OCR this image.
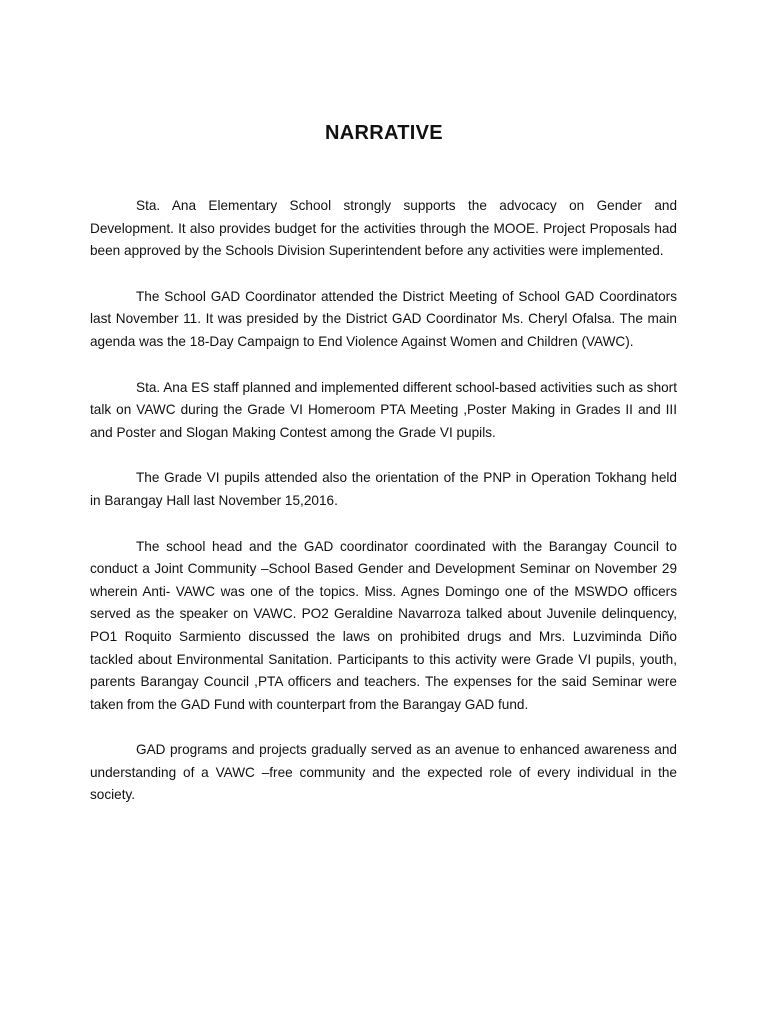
NARRATIVE

Sta. Ana Elementary School strongly supports the advocacy on Gender and Development. It also provides budget for the activities through the MOOE. Project Proposals had been approved by the Schools Division Superintendent before any activities were implemented.

The School GAD Coordinator attended the District Meeting of School GAD Coordinators last November 11. It was presided by the District GAD Coordinator Ms. Cheryl Ofalsa. The main agenda was the 18-Day Campaign to End Violence Against Women and Children (VAWC).

Sta. Ana ES staff planned and implemented different school-based activities such as short talk on VAWC during the Grade VI Homeroom PTA Meeting ,Poster Making in Grades II and III and Poster and Slogan Making Contest among the Grade VI pupils.

The Grade VI pupils attended also the orientation of the PNP in Operation Tokhang held in Barangay Hall last November 15,2016.

The school head and the GAD coordinator coordinated with the Barangay Council to conduct a Joint Community –School Based Gender and Development Seminar on November 29 wherein Anti- VAWC was one of the topics. Miss. Agnes Domingo one of the MSWDO officers served as the speaker on VAWC. PO2 Geraldine Navarroza talked about Juvenile delinquency, PO1 Roquito Sarmiento discussed the laws on prohibited drugs and Mrs. Luzviminda Diño tackled about Environmental Sanitation. Participants to this activity were Grade VI pupils, youth, parents Barangay Council ,PTA officers and teachers. The expenses for the said Seminar were taken from the GAD Fund with counterpart from the Barangay GAD fund.

GAD programs and projects gradually served as an avenue to enhanced awareness and understanding of a VAWC –free community and the expected role of every individual in the society.
